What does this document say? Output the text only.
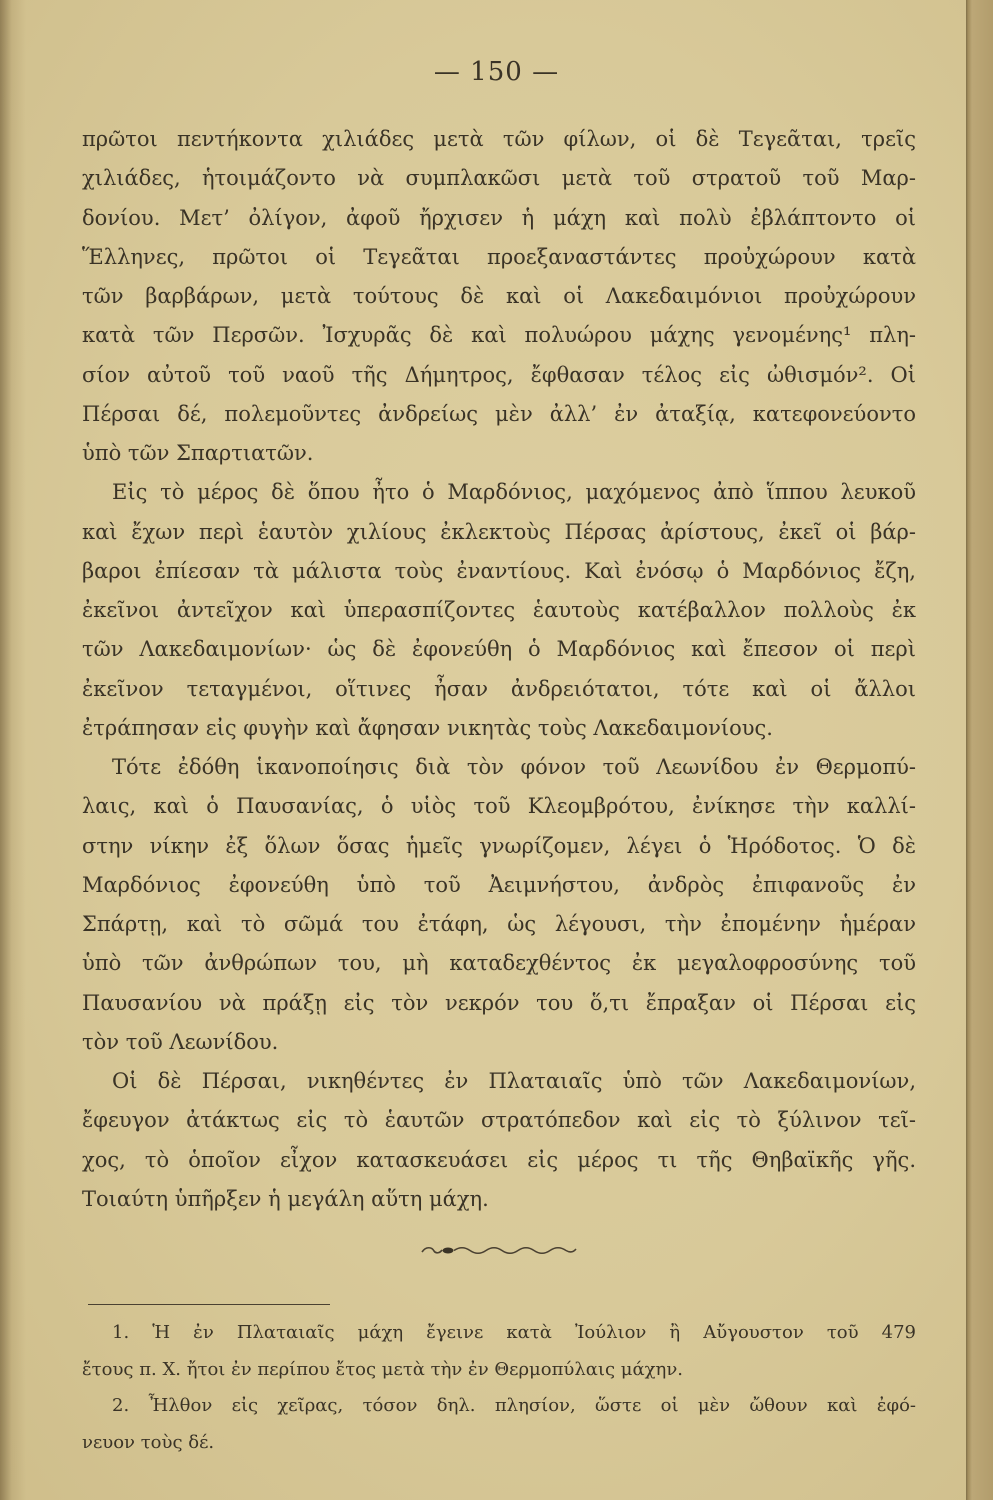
— 150 —
πρῶτοι πεντήκοντα χιλιάδες μετὰ τῶν φίλων, οἱ δὲ Τεγεᾶται, τρεῖς
χιλιάδες, ἡτοιμάζοντο νὰ συμπλακῶσι μετὰ τοῦ στρατοῦ τοῦ Μαρ-
δονίου. Μετ’ ὀλίγον, ἀφοῦ ἤρχισεν ἡ μάχη καὶ πολὺ ἐβλάπτοντο οἱ
Ἕλληνες, πρῶτοι οἱ Τεγεᾶται προεξαναστάντες προὐχώρουν κατὰ
τῶν βαρβάρων, μετὰ τούτους δὲ καὶ οἱ Λακεδαιμόνιοι προὐχώρουν
κατὰ τῶν Περσῶν. Ἰσχυρᾶς δὲ καὶ πολυώρου μάχης γενομένης¹ πλη-
σίον αὐτοῦ τοῦ ναοῦ τῆς Δήμητρος, ἔφθασαν τέλος εἰς ὠθισμόν². Οἱ
Πέρσαι δέ, πολεμοῦντες ἀνδρείως μὲν ἀλλ’ ἐν ἀταξίᾳ, κατεφονεύοντο
ὑπὸ τῶν Σπαρτιατῶν.
Εἰς τὸ μέρος δὲ ὅπου ἦτο ὁ Μαρδόνιος, μαχόμενος ἀπὸ ἵππου λευκοῦ
καὶ ἔχων περὶ ἑαυτὸν χιλίους ἐκλεκτοὺς Πέρσας ἀρίστους, ἐκεῖ οἱ βάρ-
βαροι ἐπίεσαν τὰ μάλιστα τοὺς ἐναντίους. Καὶ ἐνόσῳ ὁ Μαρδόνιος ἔζη,
ἐκεῖνοι ἀντεῖχον καὶ ὑπερασπίζοντες ἑαυτοὺς κατέβαλλον πολλοὺς ἐκ
τῶν Λακεδαιμονίων· ὡς δὲ ἐφονεύθη ὁ Μαρδόνιος καὶ ἔπεσον οἱ περὶ
ἐκεῖνον τεταγμένοι, οἵτινες ἦσαν ἀνδρειότατοι, τότε καὶ οἱ ἄλλοι
ἐτράπησαν εἰς φυγὴν καὶ ἄφησαν νικητὰς τοὺς Λακεδαιμονίους.
Τότε ἐδόθη ἱκανοποίησις διὰ τὸν φόνον τοῦ Λεωνίδου ἐν Θερμοπύ-
λαις, καὶ ὁ Παυσανίας, ὁ υἱὸς τοῦ Κλεομβρότου, ἐνίκησε τὴν καλλί-
στην νίκην ἐξ ὅλων ὅσας ἡμεῖς γνωρίζομεν, λέγει ὁ Ἡρόδοτος. Ὁ δὲ
Μαρδόνιος ἐφονεύθη ὑπὸ τοῦ Ἀειμνήστου, ἀνδρὸς ἐπιφανοῦς ἐν
Σπάρτῃ, καὶ τὸ σῶμά του ἐτάφη, ὡς λέγουσι, τὴν ἐπομένην ἡμέραν
ὑπὸ τῶν ἀνθρώπων του, μὴ καταδεχθέντος ἐκ μεγαλοφροσύνης τοῦ
Παυσανίου νὰ πράξῃ εἰς τὸν νεκρόν του ὅ,τι ἔπραξαν οἱ Πέρσαι εἰς
τὸν τοῦ Λεωνίδου.
Οἱ δὲ Πέρσαι, νικηθέντες ἐν Πλαταιαῖς ὑπὸ τῶν Λακεδαιμονίων,
ἔφευγον ἀτάκτως εἰς τὸ ἑαυτῶν στρατόπεδον καὶ εἰς τὸ ξύλινον τεῖ-
χος, τὸ ὁποῖον εἶχον κατασκευάσει εἰς μέρος τι τῆς Θηβαϊκῆς γῆς.
Τοιαύτη ὑπῆρξεν ἡ μεγάλη αὕτη μάχη.
1. Ἡ ἐν Πλαταιαῖς μάχη ἔγεινε κατὰ Ἰούλιον ἢ Αὔγουστον τοῦ 479
ἔτους π. Χ. ἤτοι ἐν περίπου ἔτος μετὰ τὴν ἐν Θερμοπύλαις μάχην.
2. Ἦλθον εἰς χεῖρας, τόσον δηλ. πλησίον, ὥστε οἱ μὲν ὤθουν καὶ ἐφό-
νευον τοὺς δέ.
